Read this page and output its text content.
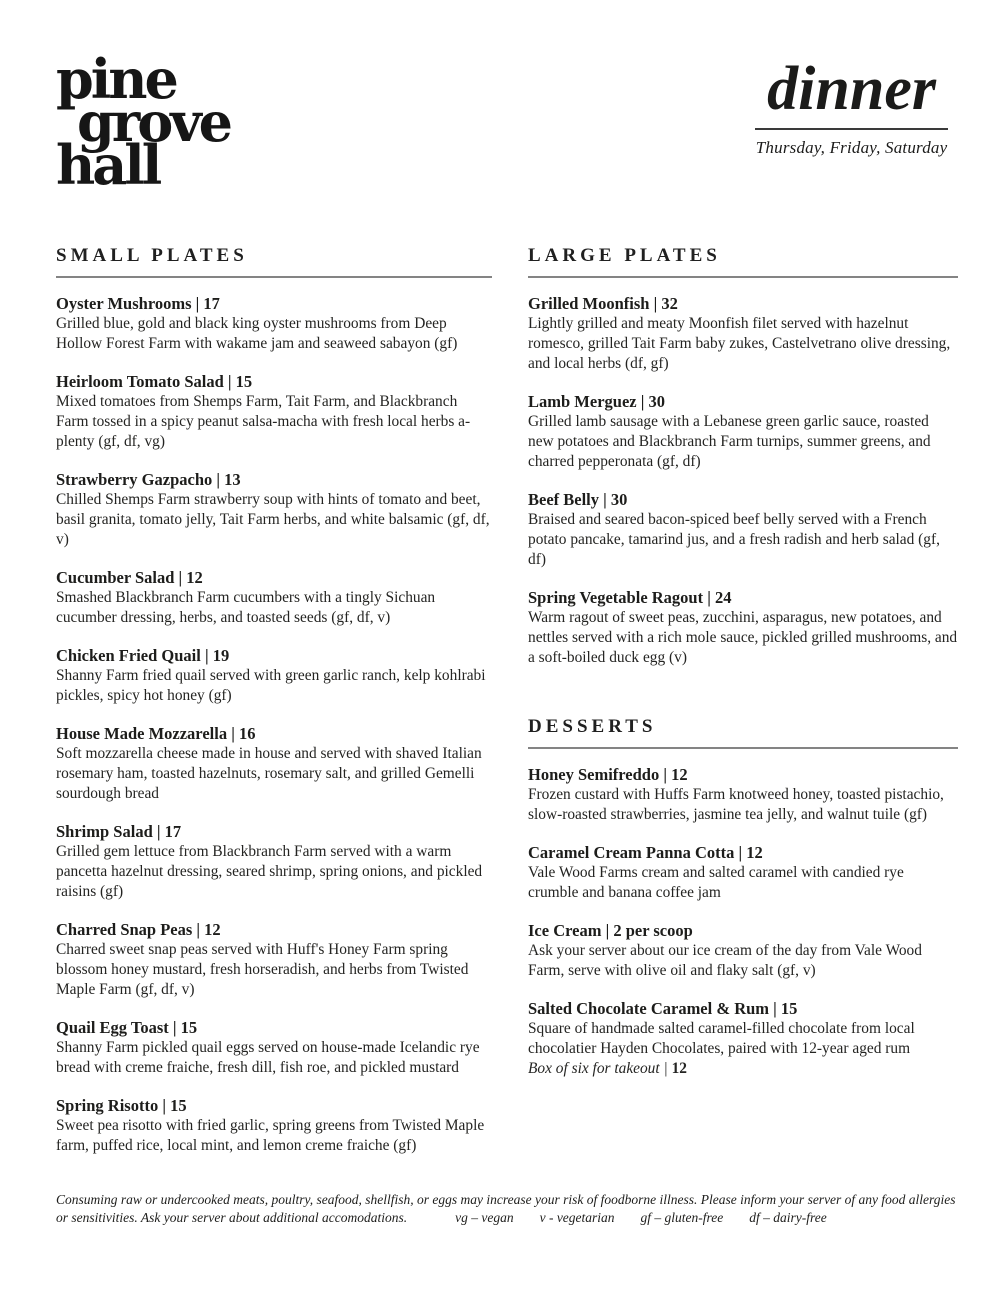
pine
grove
hall
dinner
Thursday, Friday, Saturday
SMALL PLATES
Oyster Mushrooms | 17
Grilled blue, gold and black king oyster mushrooms from Deep Hollow Forest Farm with wakame jam and seaweed sabayon (gf)
Heirloom Tomato Salad | 15
Mixed tomatoes from Shemps Farm, Tait Farm, and Blackbranch Farm tossed in a spicy peanut salsa-macha with fresh local herbs a-plenty (gf, df, vg)
Strawberry Gazpacho | 13
Chilled Shemps Farm strawberry soup with hints of tomato and beet, basil granita, tomato jelly, Tait Farm herbs, and white balsamic (gf, df, v)
Cucumber Salad | 12
Smashed Blackbranch Farm cucumbers with a tingly Sichuan cucumber dressing, herbs, and toasted seeds (gf, df, v)
Chicken Fried Quail | 19
Shanny Farm fried quail served with green garlic ranch, kelp kohlrabi pickles, spicy hot honey (gf)
House Made Mozzarella | 16
Soft mozzarella cheese made in house and served with shaved Italian rosemary ham, toasted hazelnuts, rosemary salt, and grilled Gemelli sourdough bread
Shrimp Salad | 17
Grilled gem lettuce from Blackbranch Farm served with a warm pancetta hazelnut dressing, seared shrimp, spring onions, and pickled raisins (gf)
Charred Snap Peas | 12
Charred sweet snap peas served with Huff's Honey Farm spring blossom honey mustard, fresh horseradish, and herbs from Twisted Maple Farm (gf, df, v)
Quail Egg Toast | 15
Shanny Farm pickled quail eggs served on house-made Icelandic rye bread with creme fraiche, fresh dill, fish roe, and pickled mustard
Spring Risotto | 15
Sweet pea risotto with fried garlic, spring greens from Twisted Maple farm, puffed rice, local mint, and lemon creme fraiche (gf)
LARGE PLATES
Grilled Moonfish | 32
Lightly grilled and meaty Moonfish filet served with hazelnut romesco, grilled Tait Farm baby zukes, Castelvetrano olive dressing, and local herbs (df, gf)
Lamb Merguez | 30
Grilled lamb sausage with a Lebanese green garlic sauce, roasted new potatoes and Blackbranch Farm turnips, summer greens, and charred pepperonata (gf, df)
Beef Belly | 30
Braised and seared bacon-spiced beef belly served with a French potato pancake, tamarind jus, and a fresh radish and herb salad (gf, df)
Spring Vegetable Ragout | 24
Warm ragout of sweet peas, zucchini, asparagus, new potatoes, and nettles served with a rich mole sauce, pickled grilled mushrooms, and a soft-boiled duck egg (v)
DESSERTS
Honey Semifreddo | 12
Frozen custard with Huffs Farm knotweed honey, toasted pistachio, slow-roasted strawberries, jasmine tea jelly, and walnut tuile (gf)
Caramel Cream Panna Cotta | 12
Vale Wood Farms cream and salted caramel with candied rye crumble and banana coffee jam
Ice Cream | 2 per scoop
Ask your server about our ice cream of the day from Vale Wood Farm, serve with olive oil and flaky salt (gf, v)
Salted Chocolate Caramel & Rum | 15
Square of handmade salted caramel-filled chocolate from local chocolatier Hayden Chocolates, paired with 12-year aged rum
Box of six for takeout | 12
Consuming raw or undercooked meats, poultry, seafood, shellfish, or eggs may increase your risk of foodborne illness. Please inform your server of any food allergies or sensitivities. Ask your server about additional accomodations.	vg – vegan v - vegetarian gf – gluten-free df – dairy-free
